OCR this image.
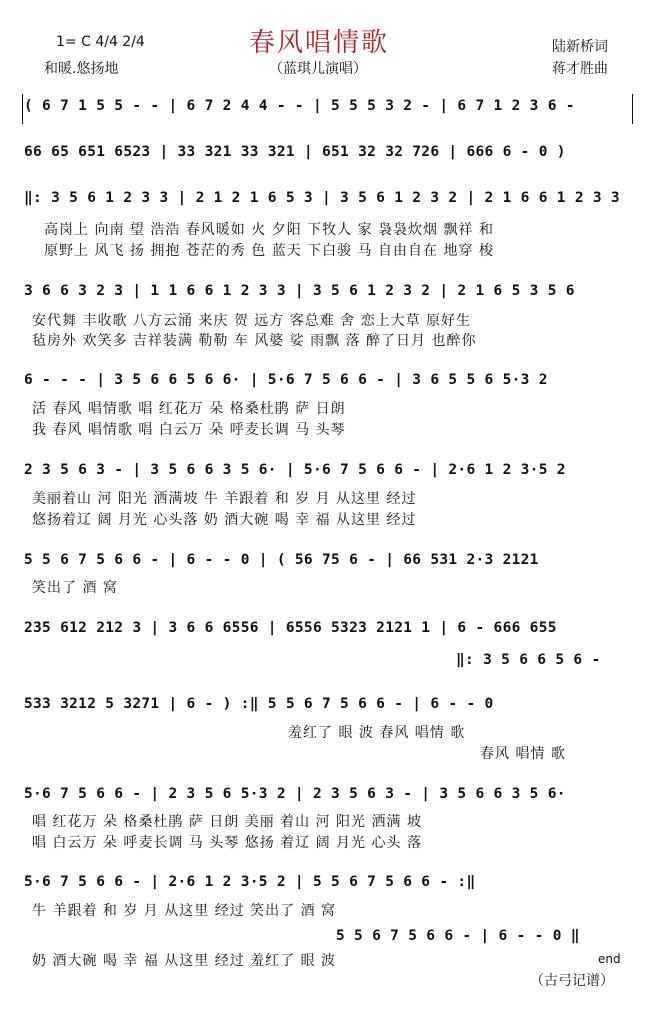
1= C 4/4 2/4
和暖.悠扬地
春风唱情歌
（蓝琪儿演唱）
陆新桥词
蒋才胜曲
( 6 7 1 5 5 - - | 6 7 2 4 4 - - | 5 5 5 3 2 - | 6 7 1 2 3 6 -
66 65 651 6523 | 33 321 33 321 | 651 32 32 726 | 666 6 - 0 )
‖: 3 5 6 1 2 3 3 | 2 1 2 1 6 5 3 | 3 5 6 1 2 3 2 | 2 1 6 6 1 2 3 3
高岗上 向南 望 浩浩 春风暖如 火 夕阳 下牧人 家 袅袅炊烟 飘祥 和
原野上 风飞 扬 拥抱 苍茫的秀 色 蓝天 下白骏 马 自由自在 地穿 梭
3 6 6 3 2 3 | 1 1 6 6 1 2 3 3 | 3 5 6 1 2 3 2 | 2 1 6 5 3 5 6
安代舞 丰收歌 八方云涌 来庆 贺 远方 客总难 舍 恋上大草 原好生
毡房外 欢笑多 吉祥装满 勒勒 车 风婆 娑 雨飘 落 醉了日月 也醉你
6 - - - | 3 5 6 6 5 6 6· | 5·6 7 5 6 6 - | 3 6 5 5 6 5·3 2
活 春风 唱情歌 唱 红花万 朵 格桑杜鹃 萨 日朗
我 春风 唱情歌 唱 白云万 朵 呼麦长调 马 头琴
2 3 5 6 3 - | 3 5 6 6 3 5 6· | 5·6 7 5 6 6 - | 2·6 1 2 3·5 2
美丽着山 河 阳光 洒满坡 牛 羊跟着 和 岁 月 从这里 经过
悠扬着辽 阔 月光 心头落 奶 酒大碗 喝 幸 福 从这里 经过
5 5 6 7 5 6 6 - | 6 - - 0 | ( 56 75 6 - | 66 531 2·3 2121
笑出了 酒 窝
235 612 212 3 | 3 6 6 6556 | 6556 5323 2121 1 | 6 - 666 655
‖: 3 5 6 6 5 6 -
533 3212 5 3271 | 6 - ) :‖ 5 5 6 7 5 6 6 - | 6 - - 0
羞红了 眼 波 春风 唱情 歌
春风 唱情 歌
5·6 7 5 6 6 - | 2 3 5 6 5·3 2 | 2 3 5 6 3 - | 3 5 6 6 3 5 6·
唱 红花万 朵 格桑杜鹃 萨 日朗 美丽 着山 河 阳光 洒满 坡
唱 白云万 朵 呼麦长调 马 头琴 悠扬 着辽 阔 月光 心头 落
5·6 7 5 6 6 - | 2·6 1 2 3·5 2 | 5 5 6 7 5 6 6 - :‖
牛 羊跟着 和 岁 月 从这里 经过 笑出了 酒 窝
5 5 6 7 5 6 6 - | 6 - - 0 ‖
奶 酒大碗 喝 幸 福 从这里 经过 羞红了 眼 波	end
（古弓记谱）
